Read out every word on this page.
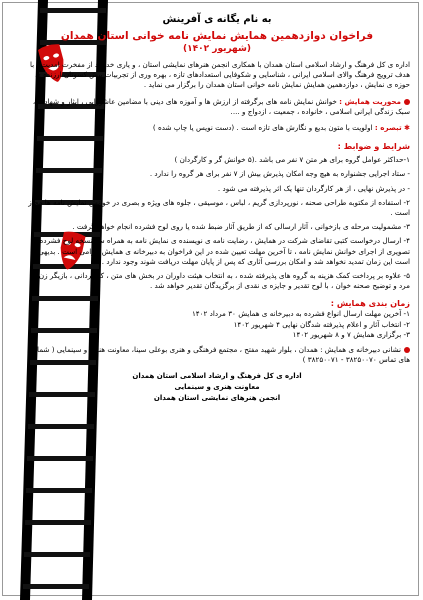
به نام یگانه ی آفرینش
فراخوان دوازدهمین همایش نمایش نامه خوانی استان همدان
(شهریور ۱۴۰۲)

اداره ی کل فرهنگ و ارشاد اسلامی استان همدان با همکاری انجمن هنرهای نمایشی استان ، و یاری خداوند از مفخرت امدیت ، با هدف ترویج فرهنگ والای اسلامی ایرانی ، شناسایی و شکوفایی استعدادهای تازه ، بهره وری از تجربیات پیش کسوتان ارزنده ی حوزه ی نمایش ، دوازدهمین همایش نمایش نامه خوانی استان همدان را برگزار می نماید .

محوریت همایش : خوانش نمایش نامه های برگرفته از ارزش ها و آموزه های دینی با مضامین عاشورایی ، ایثار و شهادت ، سبک زندگی ایرانی اسلامی ، خانواده ، جمعیت ، ازدواج و ....

✱ تبصره : اولویت با متون بدیع و نگارش های تازه است . (دست نویس یا چاپ شده )

شرایط و ضوابط :

۱-حداکثر عوامل گروه برای هر متن ۷ نفر می باشد .(۵ خوانش گر و کارگردان )

- ستاد اجرایی جشنواره به هیچ وجه امکان پذیرش بیش از ۷ نفر برای هر گروه را ندارد .

- در پذیرش نهایی ، از هر کارگردان تنها یک اثر پذیرفته می شود .

۲- استفاده از مکتوبه طراحی صحنه ، نورپردازی گریم ، لباس ، موسیقی ، جلوه های ویژه و بصری در خوانش نمایش نامه ها مجاز است .

۳- مشمولیت مرحله ی بازخوانی ، آثار ارسالی که از طریق آثار ضبط شده یا روی لوح فشرده انجام خواهد گرفت .

۴- ارسال درخواست کتبی تقاضای شرکت در همایش ، رضایت نامه ی نویسنده ی نمایش نامه به همراه سه نسخه لوح فشرده ی تصویری از اجرای خوانش نمایش نامه ، تا آخرین مهلت تعیین شده در این فراخوان به دبیرخانه ی همایش الزامی است . بدیهی است این زمان تمدید نخواهد شد و امکان بررسی آثاری که پس از پایان مهلت دریافت شوند وجود ندارد .

۵- علاوه بر پرداخت کمک هزینه به گروه های پذیرفته شده ، به انتخاب هیئت داوران در بخش های متن ، کارگردانی ، بازیگر زن و مرد و توضیح صحنه خوان ، با لوح تقدیر و جایزه ی نقدی از برگزیدگان تقدیر خواهد شد .

زمان بندی همایش :

۱- آخرین مهلت ارسال انواع فشرده به دبیرخانه ی همایش ۳۰ مرداد ۱۴۰۲

۲- انتخاب آثار و اعلام پذیرفته شدگان نهایی ۴ شهریور ۱۴۰۲

۳- برگزاری همایش ۷ و ۸ شهریور ۱۴۰۲

نشانی دبیرخانه ی همایش : همدان ، بلوار شهید مفتح ، مجتمع فرهنگی و هنری بوعلی سینا، معاونت هنری و سینمایی ( شماره های تماس ۳۸۲۵۰۰۷۰ - ۳۸۲۵۰۰۷۱ )

اداره ی کل فرهنگ و ارشاد اسلامی استان همدان
معاونت هنری و سینمایی
انجمن هنرهای نمایشی استان همدان
